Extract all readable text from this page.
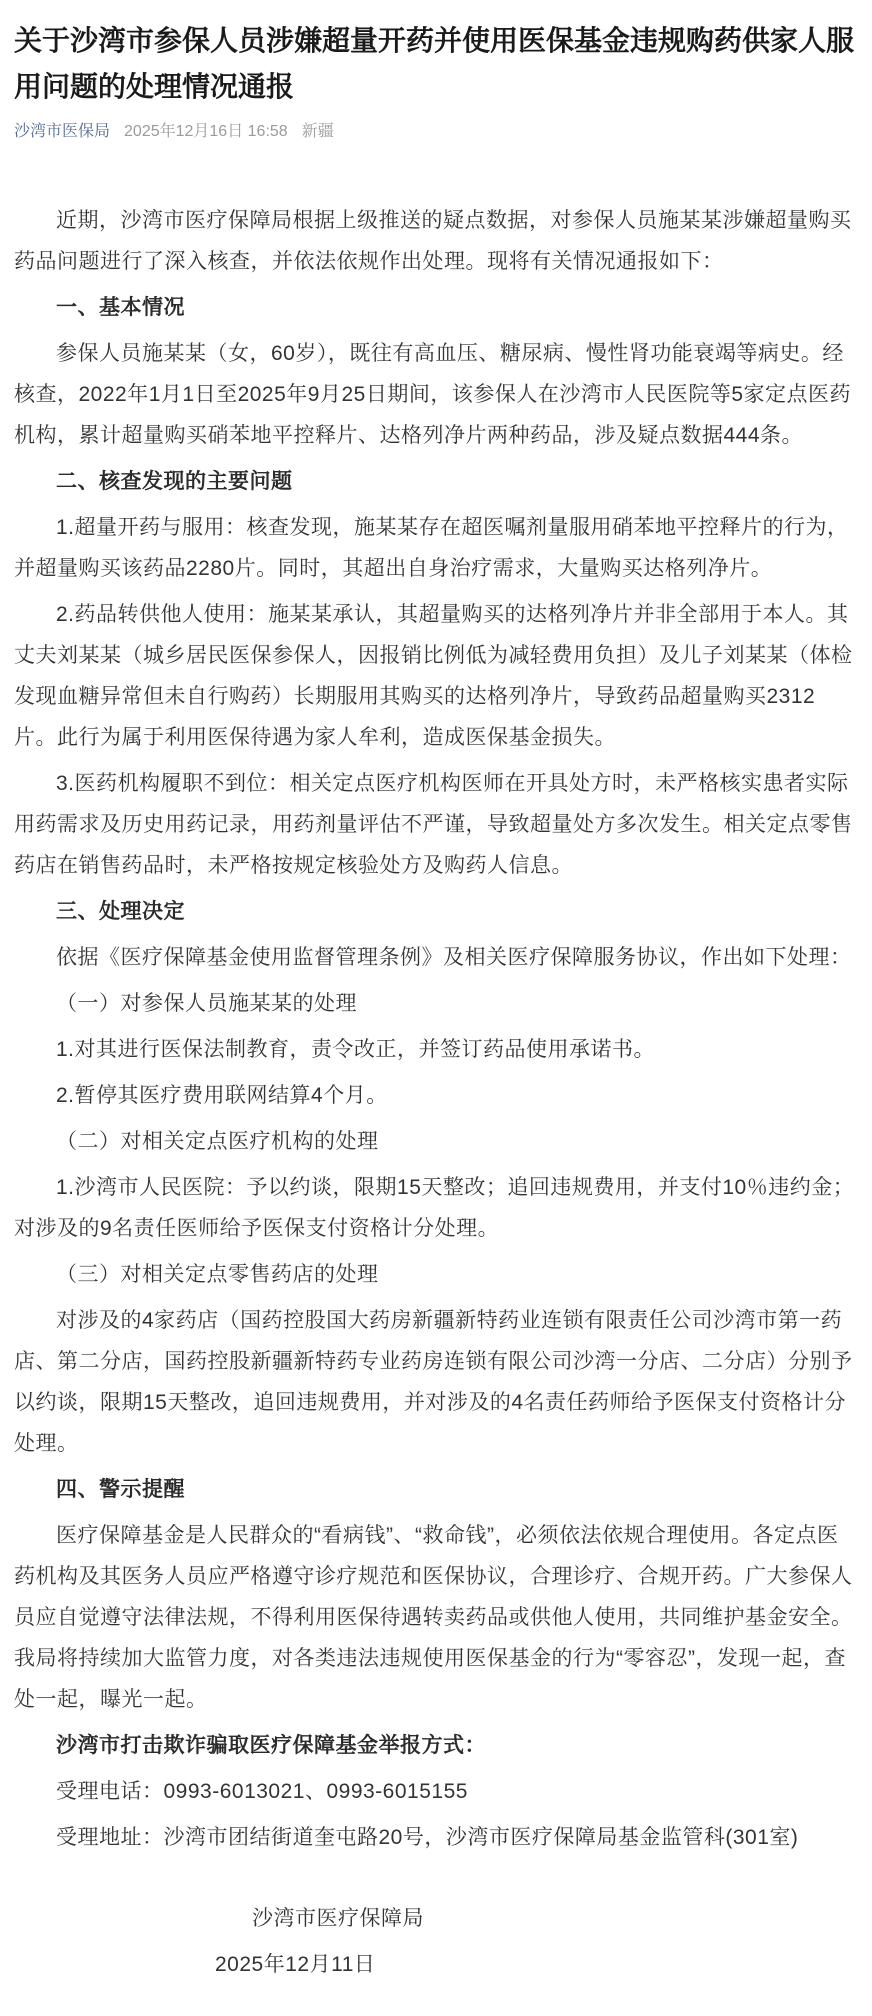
关于沙湾市参保人员涉嫌超量开药并使用医保基金违规购药供家人服用问题的处理情况通报
沙湾市医保局 2025年12月16日 16:58 新疆

近期，沙湾市医疗保障局根据上级推送的疑点数据，对参保人员施某某涉嫌超量购买药品问题进行了深入核查，并依法依规作出处理。现将有关情况通报如下：

一、基本情况

参保人员施某某（女，60岁），既往有高血压、糖尿病、慢性肾功能衰竭等病史。经核查，2022年1月1日至2025年9月25日期间，该参保人在沙湾市人民医院等5家定点医药机构，累计超量购买硝苯地平控释片、达格列净片两种药品，涉及疑点数据444条。

二、核查发现的主要问题

1.超量开药与服用：核查发现，施某某存在超医嘱剂量服用硝苯地平控释片的行为，并超量购买该药品2280片。同时，其超出自身治疗需求，大量购买达格列净片。

2.药品转供他人使用：施某某承认，其超量购买的达格列净片并非全部用于本人。其丈夫刘某某（城乡居民医保参保人，因报销比例低为减轻费用负担）及儿子刘某某（体检发现血糖异常但未自行购药）长期服用其购买的达格列净片，导致药品超量购买2312片。此行为属于利用医保待遇为家人牟利，造成医保基金损失。

3.医药机构履职不到位：相关定点医疗机构医师在开具处方时，未严格核实患者实际用药需求及历史用药记录，用药剂量评估不严谨，导致超量处方多次发生。相关定点零售药店在销售药品时，未严格按规定核验处方及购药人信息。

三、处理决定

依据《医疗保障基金使用监督管理条例》及相关医疗保障服务协议，作出如下处理：

（一）对参保人员施某某的处理

1.对其进行医保法制教育，责令改正，并签订药品使用承诺书。

2.暂停其医疗费用联网结算4个月。

（二）对相关定点医疗机构的处理

1.沙湾市人民医院：予以约谈，限期15天整改；追回违规费用，并支付10％违约金；对涉及的9名责任医师给予医保支付资格计分处理。

（三）对相关定点零售药店的处理

对涉及的4家药店（国药控股国大药房新疆新特药业连锁有限责任公司沙湾市第一药店、第二分店，国药控股新疆新特药专业药房连锁有限公司沙湾一分店、二分店）分别予以约谈，限期15天整改，追回违规费用，并对涉及的4名责任药师给予医保支付资格计分处理。

四、警示提醒

医疗保障基金是人民群众的“看病钱”、“救命钱”，必须依法依规合理使用。各定点医药机构及其医务人员应严格遵守诊疗规范和医保协议，合理诊疗、合规开药。广大参保人员应自觉遵守法律法规，不得利用医保待遇转卖药品或供他人使用，共同维护基金安全。我局将持续加大监管力度，对各类违法违规使用医保基金的行为“零容忍”，发现一起，查处一起，曝光一起。

沙湾市打击欺诈骗取医疗保障基金举报方式：

受理电话：0993-6013021、0993-6015155

受理地址：沙湾市团结街道奎屯路20号，沙湾市医疗保障局基金监管科(301室)

沙湾市医疗保障局

2025年12月11日
